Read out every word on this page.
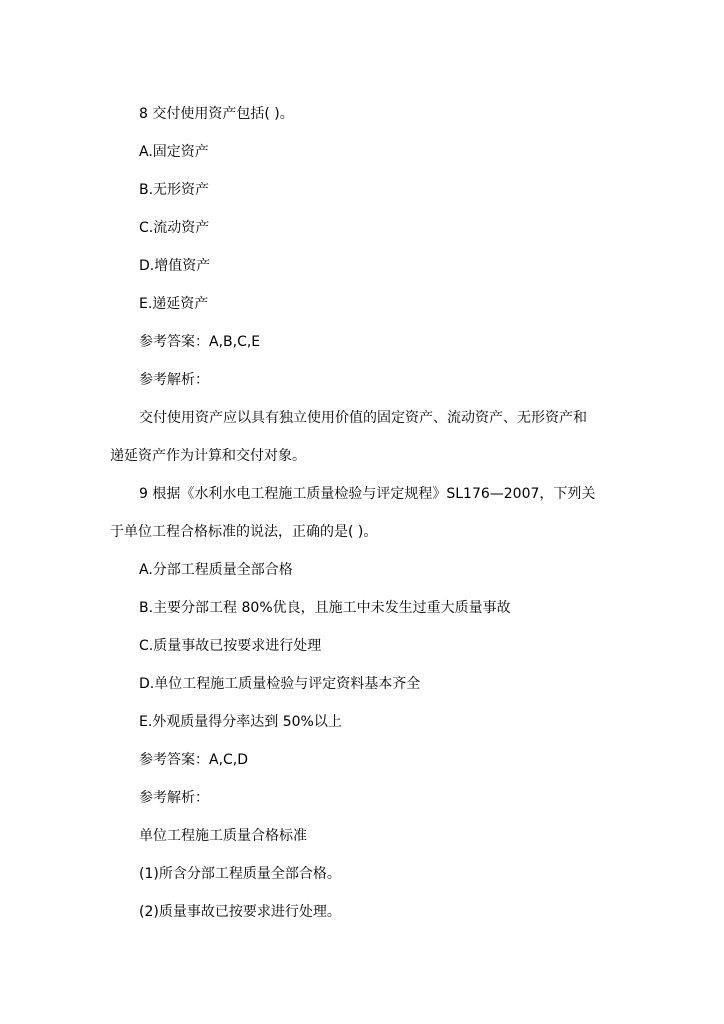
8 交付使用资产包括( )。
A.固定资产
B.无形资产
C.流动资产
D.增值资产
E.递延资产
参考答案：A,B,C,E
参考解析：
交付使用资产应以具有独立使用价值的固定资产、流动资产、无形资产和
递延资产作为计算和交付对象。
9 根据《水利水电工程施工质量检验与评定规程》SL176—2007，下列关
于单位工程合格标准的说法，正确的是( )。
A.分部工程质量全部合格
B.主要分部工程 80%优良，且施工中未发生过重大质量事故
C.质量事故已按要求进行处理
D.单位工程施工质量检验与评定资料基本齐全
E.外观质量得分率达到 50%以上
参考答案：A,C,D
参考解析：
单位工程施工质量合格标准
(1)所含分部工程质量全部合格。
(2)质量事故已按要求进行处理。
